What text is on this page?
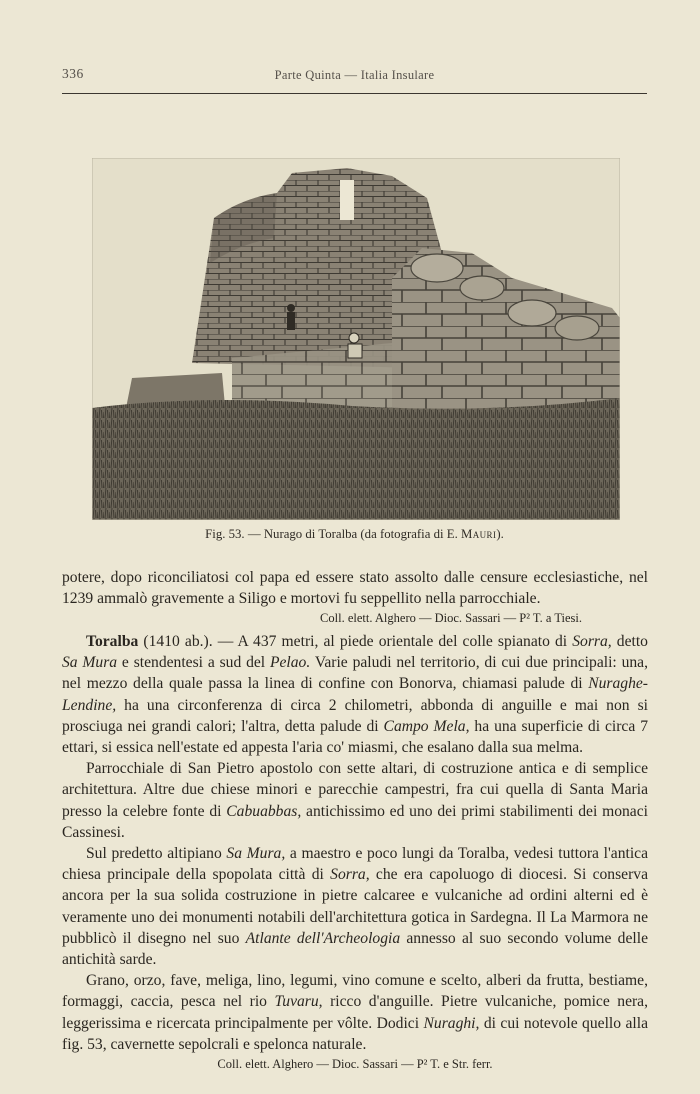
336	Parte Quinta — Italia Insulare
Fig. 53. — Nurago di Toralba (da fotografia di E. Mauri).

potere, dopo riconciliatosi col papa ed essere stato assolto dalle censure ecclesiastiche, nel 1239 ammalò gravemente a Siligo e mortovi fu seppellito nella parrocchiale.

Coll. elett. Alghero — Dioc. Sassari — P² T. a Tiesi.

Toralba (1410 ab.). — A 437 metri, al piede orientale del colle spianato di Sorra, detto Sa Mura e stendentesi a sud del Pelao. Varie paludi nel territorio, di cui due principali: una, nel mezzo della quale passa la linea di confine con Bonorva, chiamasi palude di Nuraghe-Lendine, ha una circonferenza di circa 2 chilometri, abbonda di anguille e mai non si prosciuga nei grandi calori; l'altra, detta palude di Campo Mela, ha una superficie di circa 7 ettari, si essica nell'estate ed appesta l'aria co' miasmi, che esalano dalla sua melma.

Parrocchiale di San Pietro apostolo con sette altari, di costruzione antica e di semplice architettura. Altre due chiese minori e parecchie campestri, fra cui quella di Santa Maria presso la celebre fonte di Cabuabbas, antichissimo ed uno dei primi stabilimenti dei monaci Cassinesi.

Sul predetto altipiano Sa Mura, a maestro e poco lungi da Toralba, vedesi tuttora l'antica chiesa principale della spopolata città di Sorra, che era capoluogo di diocesi. Si conserva ancora per la sua solida costruzione in pietre calcaree e vulcaniche ad ordini alterni ed è veramente uno dei monumenti notabili dell'architettura gotica in Sardegna. Il La Marmora ne pubblicò il disegno nel suo Atlante dell'Archeologia annesso al suo secondo volume delle antichità sarde.

Grano, orzo, fave, meliga, lino, legumi, vino comune e scelto, alberi da frutta, bestiame, formaggi, caccia, pesca nel rio Tuvaru, ricco d'anguille. Pietre vulcaniche, pomice nera, leggerissima e ricercata principalmente per vôlte. Dodici Nuraghi, di cui notevole quello alla fig. 53, cavernette sepolcrali e spelonca naturale.

Coll. elett. Alghero — Dioc. Sassari — P² T. e Str. ferr.
